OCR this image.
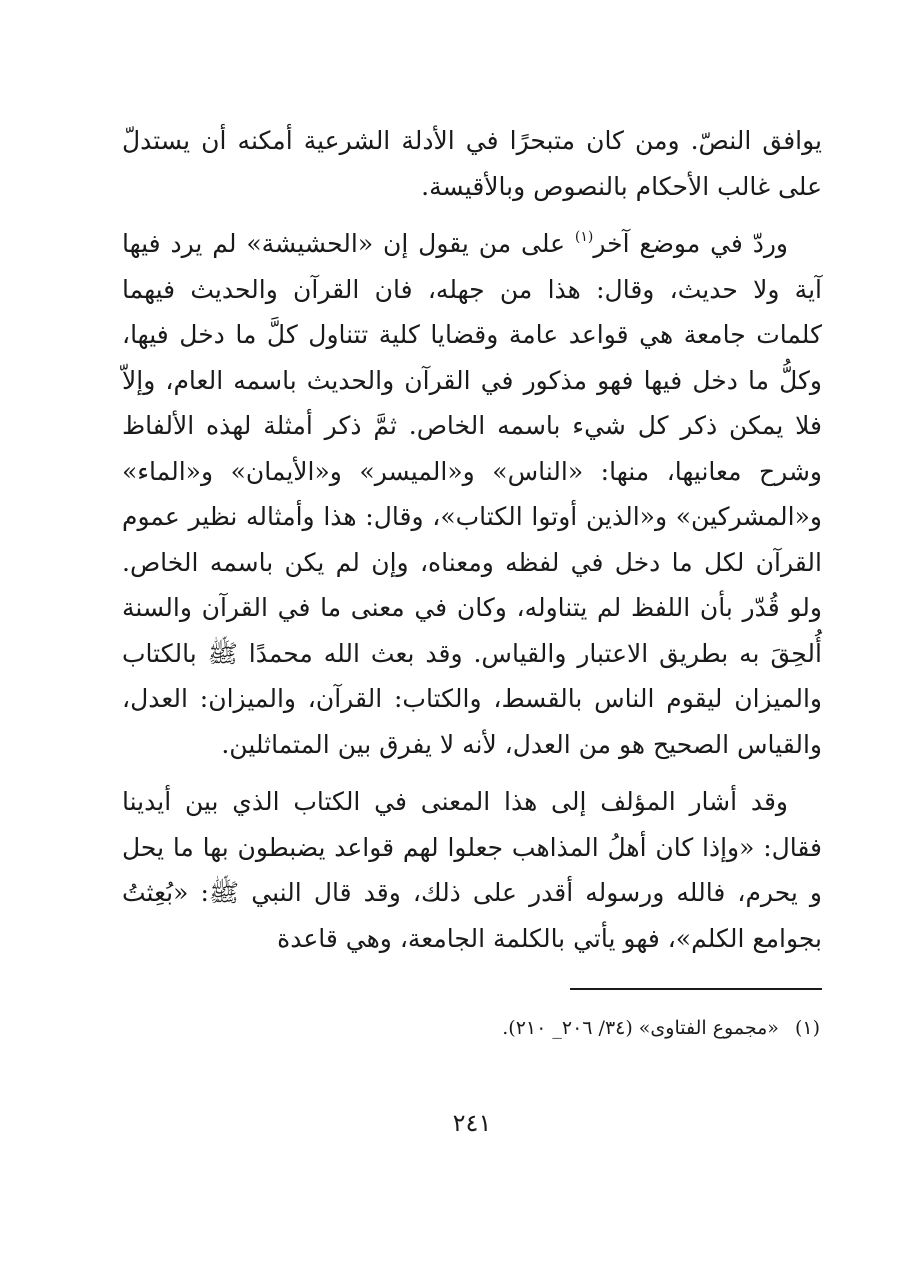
يوافق النصّ. ومن كان متبحرًا في الأدلة الشرعية أمكنه أن يستدلّ على غالب الأحكام بالنصوص وبالأقيسة.

وردّ في موضع آخر$^{(١)}$ على من يقول إن «الحشيشة» لم يرد فيها آية ولا حديث، وقال: هذا من جهله، فان القرآن والحديث فيهما كلمات جامعة هي قواعد عامة وقضايا كلية تتناول كلَّ ما دخل فيها، وكلُّ ما دخل فيها فهو مذكور في القرآن والحديث باسمه العام، وإلاّ فلا يمكن ذكر كل شيء باسمه الخاص. ثمَّ ذكر أمثلة لهذه الألفاظ وشرح معانيها، منها: «الناس» و«الميسر» و«الأيمان» و«الماء» و«المشركين» و«الذين أوتوا الكتاب»، وقال: هذا وأمثاله نظير عموم القرآن لكل ما دخل في لفظه ومعناه، وإن لم يكن باسمه الخاص. ولو قُدّر بأن اللفظ لم يتناوله، وكان في معنى ما في القرآن والسنة أُلحِقَ به بطريق الاعتبار والقياس. وقد بعث الله محمدًا ﷺ بالكتاب والميزان ليقوم الناس بالقسط، والكتاب: القرآن، والميزان: العدل، والقياس الصحيح هو من العدل، لأنه لا يفرق بين المتماثلين.

وقد أشار المؤلف إلى هذا المعنى في الكتاب الذي بين أيدينا فقال: «وإذا كان أهلُ المذاهب جعلوا لهم قواعد يضبطون بها ما يحل و يحرم، فالله ورسوله أقدر على ذلك، وقد قال النبي ﷺ: «بُعِثتُ بجوامع الكلم»، فهو يأتي بالكلمة الجامعة، وهي قاعدة

(١)«مجموع الفتاوى» (٣٤/ ٢٠٦_ ٢١٠).
٢٤١
